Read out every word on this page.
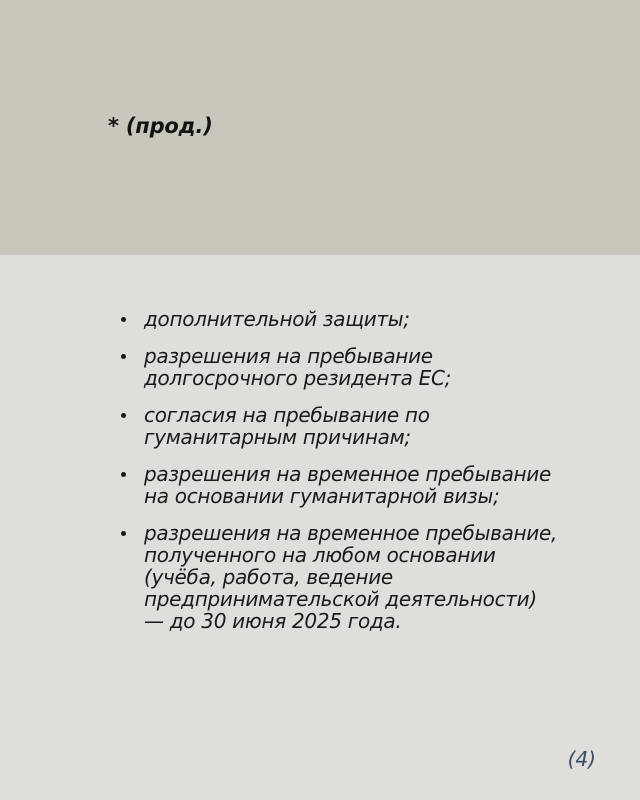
* (прод.)
дополнительной защиты;
разрешения на пребывание долгосрочного резидента ЕС;
согласия на пребывание по гуманитарным причинам;
разрешения на временное пребывание на основании гуманитарной визы;
разрешения на временное пребывание, полученного на любом основании (учёба, работа, ведение предпринимательской деятельности) — до 30 июня 2025 года.
(4)
